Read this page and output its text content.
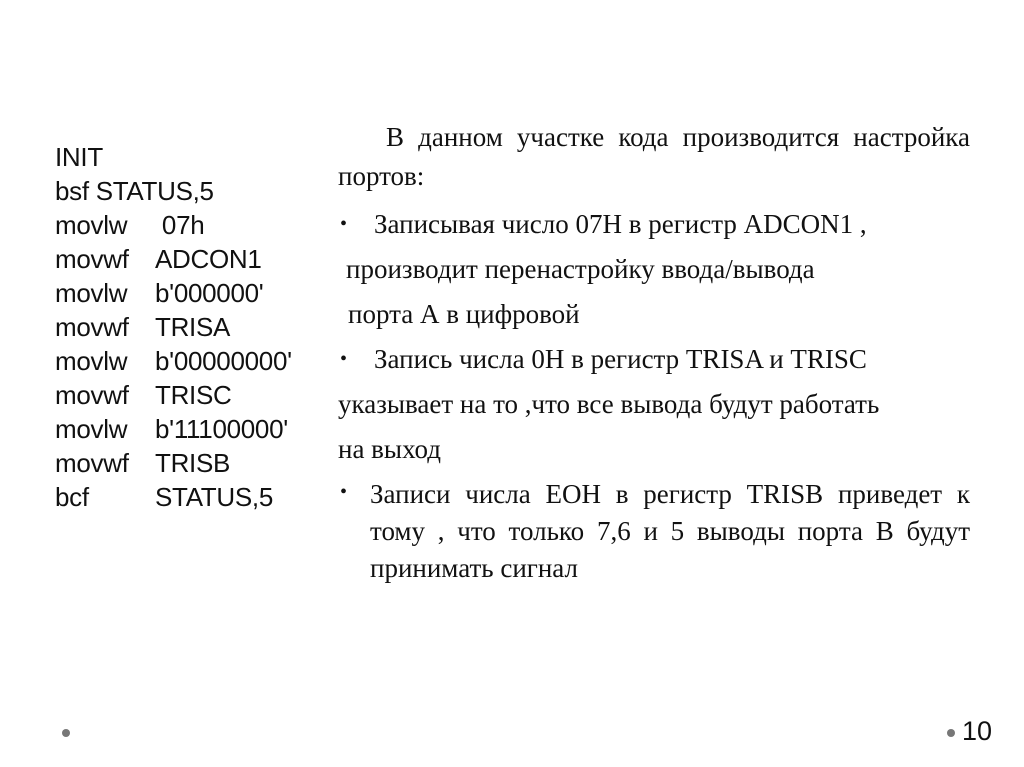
INIT
bsf STATUS,5
movlw	07h
movwf	ADCON1
movlw	b'000000'
movwf	TRISA
movlw	b'00000000'
movwf	TRISC
movlw	b'11100000'
movwf	TRISB
bcf	STATUS,5

В данном участке кода производится настройка портов:

• Записывая число 07Н в регистр ADCON1 ,

производит перенастройку ввода/вывода

порта А в цифровой

• Запись числа 0Н в регистр TRISA и TRISC

указывает на то ,что все вывода будут работать

на выход

• Записи числа ЕОН в регистр TRISB приведет к тому , что только 7,6 и 5 выводы порта В будут принимать сигнал
10
